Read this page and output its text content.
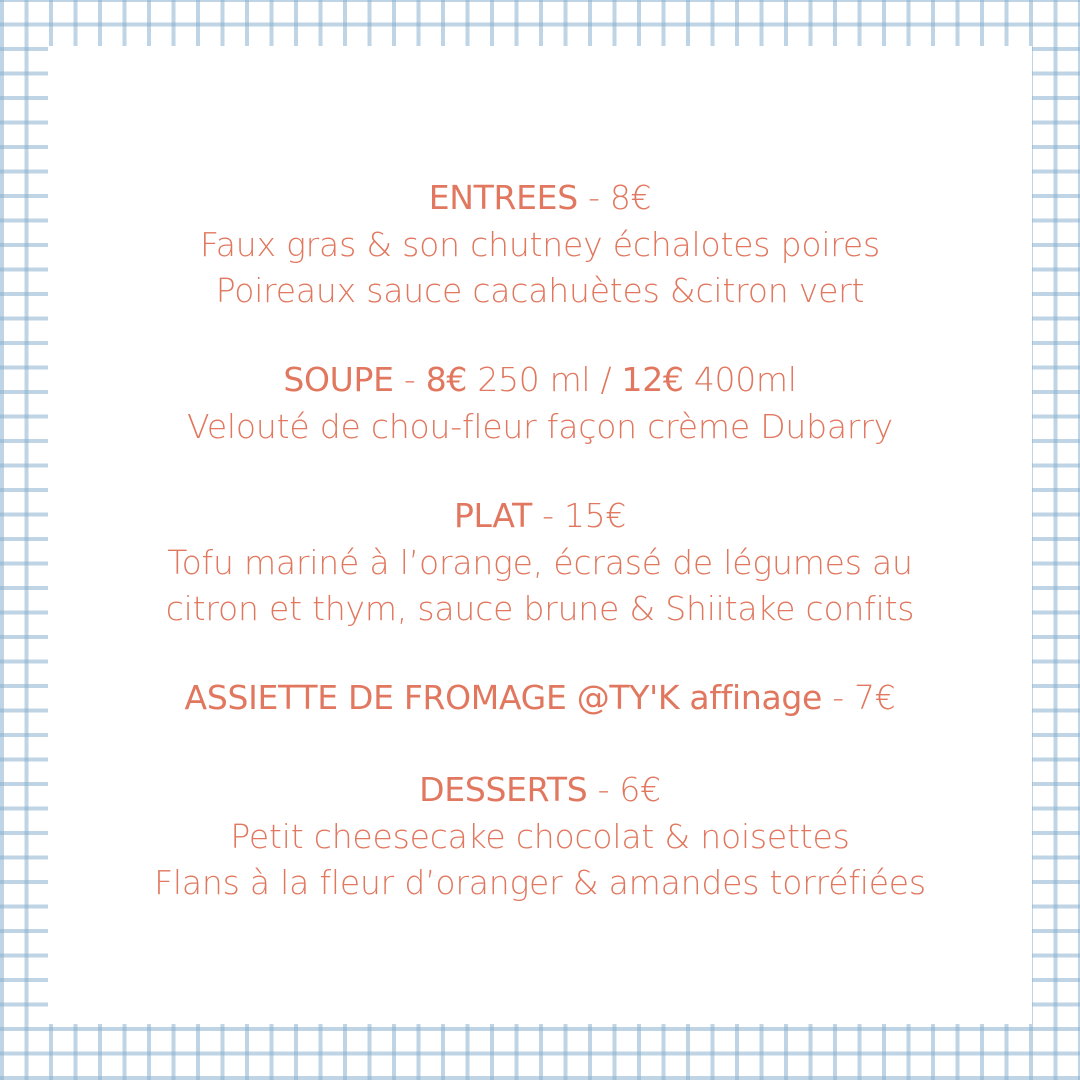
ENTREES - 8€
Faux gras & son chutney échalotes poires
Poireaux sauce cacahuètes &citron vert
SOUPE - 8€ 250 ml / 12€ 400ml
Velouté de chou-fleur façon crème Dubarry
PLAT - 15€
Tofu mariné à l’orange, écrasé de légumes au
citron et thym, sauce brune & Shiitake confits
ASSIETTE DE FROMAGE @TY'K affinage - 7€
DESSERTS - 6€
Petit cheesecake chocolat & noisettes
Flans à la fleur d’oranger & amandes torréfiées
